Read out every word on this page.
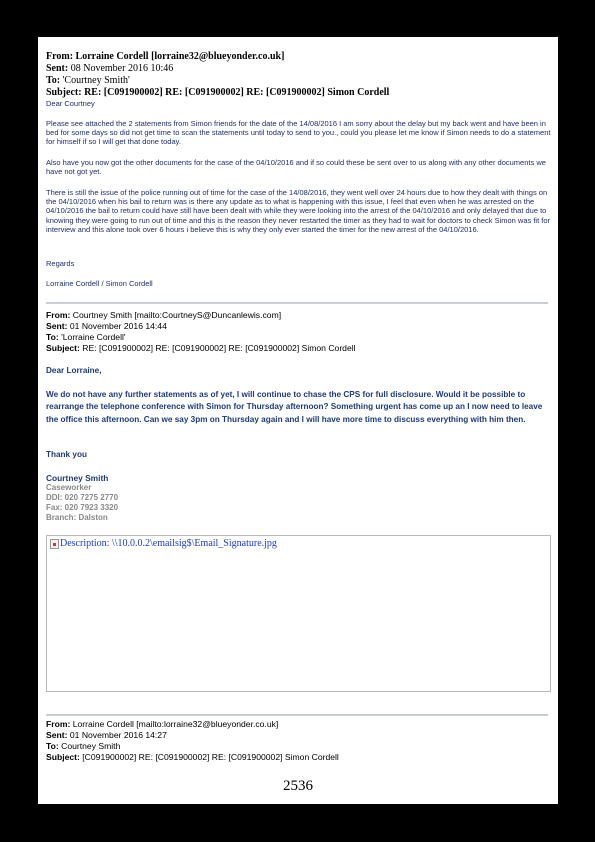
From: Lorraine Cordell [lorraine32@blueyonder.co.uk]
Sent: 08 November 2016 10:46
To: 'Courtney Smith'
Subject: RE: [C091900002] RE: [C091900002] RE: [C091900002] Simon Cordell
Dear Courtney
Please see attached the 2 statements from Simon friends for the date of the 14/08/2016 I am sorry about the delay but my back went and have been in bed for some days so did not get time to scan the statements until today to send to you., could you please let me know if Simon needs to do a statement for himself if so I will get that done today.
Also have you now got the other documents for the case of the 04/10/2016 and if so could these be sent over to us along with any other documents we have not got yet.
There is still the issue of the police running out of time for the case of the 14/08/2016, they went well over 24 hours due to how they dealt with things on the 04/10/2016 when his bail to return was is there any update as to what is happening with this issue, I feel that even when he was arrested on the 04/10/2016 the bail to return could have still have been dealt with while they were looking into the arrest of the 04/10/2016 and only delayed that due to knowing they were going to run out of time and this is the reason they never restarted the timer as they had to wait for doctors to check Simon was fit for interview and this alone took over 6 hours i believe this is why they only ever started the timer for the new arrest of the 04/10/2016.
Regards
Lorraine Cordell / Simon Cordell
From: Courtney Smith [mailto:CourtneyS@Duncanlewis.com]
Sent: 01 November 2016 14:44
To: 'Lorraine Cordell'
Subject: RE: [C091900002] RE: [C091900002] RE: [C091900002] Simon Cordell
Dear Lorraine,
We do not have any further statements as of yet, I will continue to chase the CPS for full disclosure. Would it be possible to rearrange the telephone conference with Simon for Thursday afternoon? Something urgent has come up an I now need to leave the office this afternoon. Can we say 3pm on Thursday again and I will have more time to discuss everything with him then.
Thank you
Courtney Smith
Caseworker
DDI: 020 7275 2770
Fax: 020 7923 3320
Branch: Dalston
Description: \\10.0.0.2\emailsig$\Email_Signature.jpg
From: Lorraine Cordell [mailto:lorraine32@blueyonder.co.uk]
Sent: 01 November 2016 14:27
To: Courtney Smith
Subject: [C091900002] RE: [C091900002] RE: [C091900002] Simon Cordell
2536
